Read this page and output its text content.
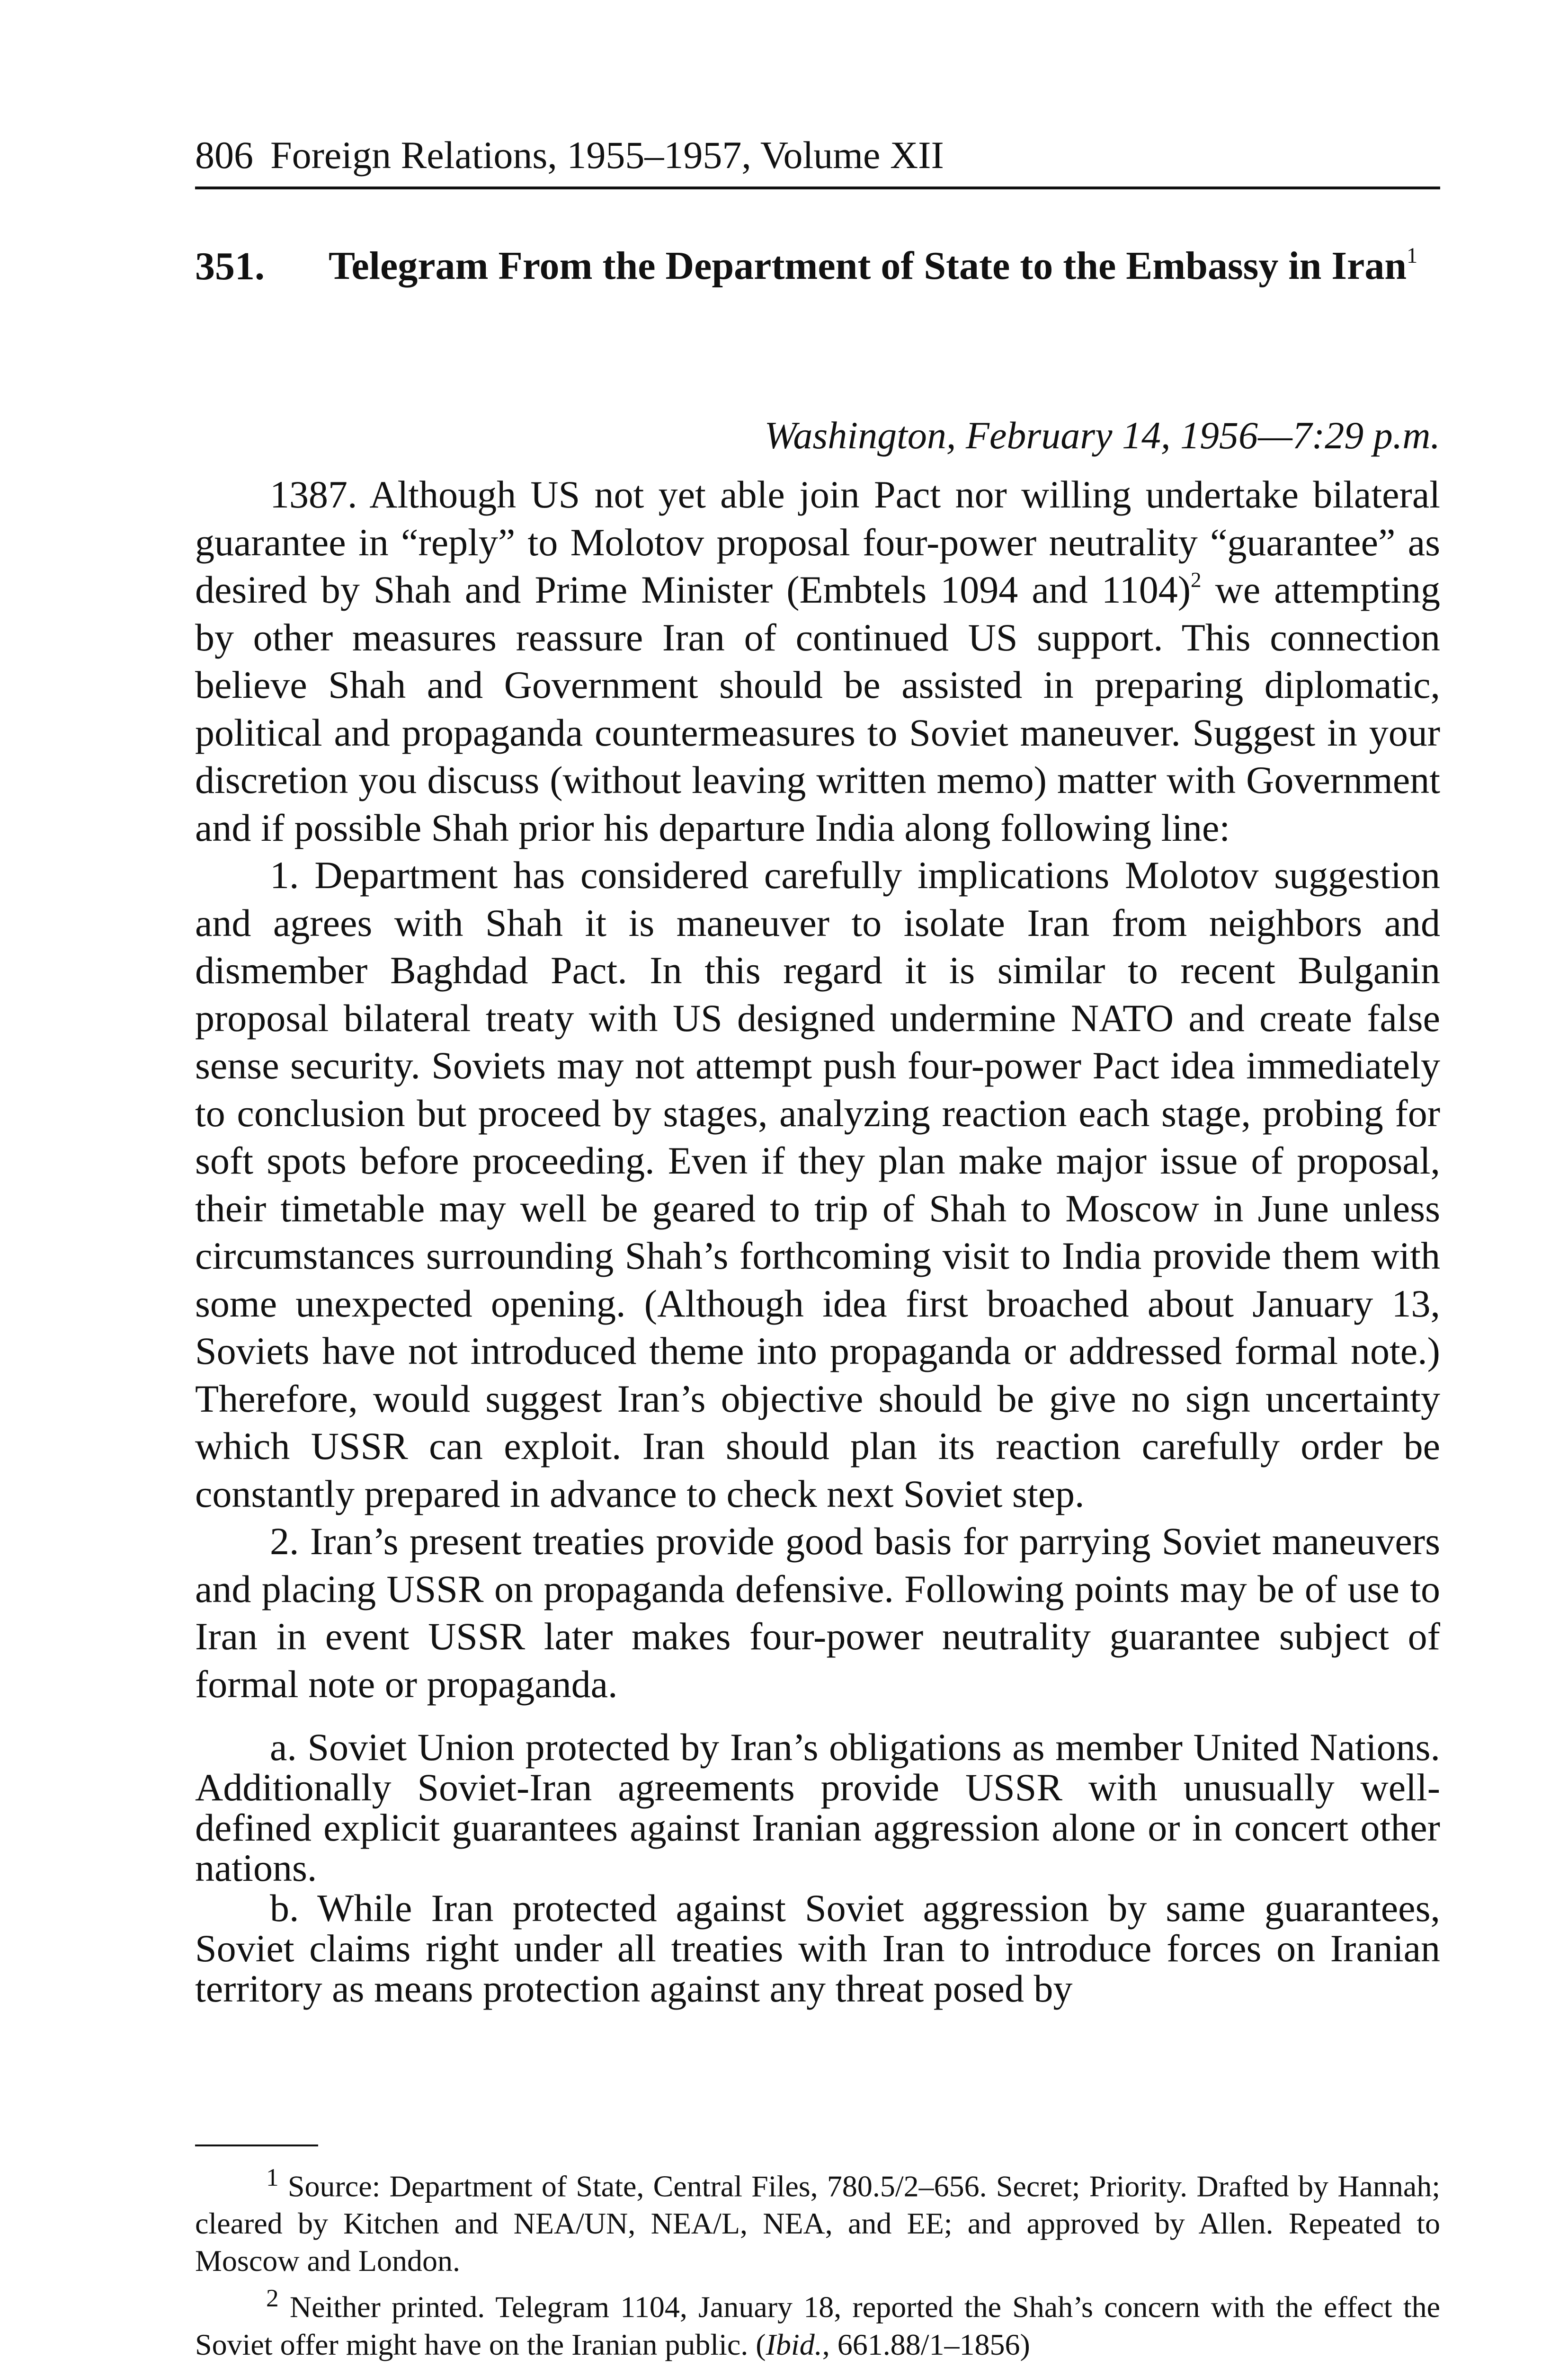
806 Foreign Relations, 1955–1957, Volume XII
351. Telegram From the Department of State to the Embassy in Iran$^1$
Washington, February 14, 1956—7:29 p.m.

1387. Although US not yet able join Pact nor willing undertake bilateral guarantee in “reply” to Molotov proposal four-power neutrality “guarantee” as desired by Shah and Prime Minister (Embtels 1094 and 1104)$^2$ we attempting by other measures reassure Iran of continued US support. This connection believe Shah and Government should be assisted in preparing diplomatic, political and propaganda countermeasures to Soviet maneuver. Suggest in your discretion you discuss (without leaving written memo) matter with Government and if possible Shah prior his departure India along following line:

1. Department has considered carefully implications Molotov suggestion and agrees with Shah it is maneuver to isolate Iran from neighbors and dismember Baghdad Pact. In this regard it is similar to recent Bulganin proposal bilateral treaty with US designed undermine NATO and create false sense security. Soviets may not attempt push four-power Pact idea immediately to conclusion but proceed by stages, analyzing reaction each stage, probing for soft spots before proceeding. Even if they plan make major issue of proposal, their timetable may well be geared to trip of Shah to Moscow in June unless circumstances surrounding Shah’s forthcoming visit to India provide them with some unexpected opening. (Although idea first broached about January 13, Soviets have not introduced theme into propaganda or addressed formal note.) Therefore, would suggest Iran’s objective should be give no sign uncertainty which USSR can exploit. Iran should plan its reaction carefully order be constantly prepared in advance to check next Soviet step.

2. Iran’s present treaties provide good basis for parrying Soviet maneuvers and placing USSR on propaganda defensive. Following points may be of use to Iran in event USSR later makes four-power neutrality guarantee subject of formal note or propaganda.

a. Soviet Union protected by Iran’s obligations as member United Nations. Additionally Soviet-Iran agreements provide USSR with unusually well-defined explicit guarantees against Iranian aggression alone or in concert other nations.

b. While Iran protected against Soviet aggression by same guarantees, Soviet claims right under all treaties with Iran to introduce forces on Iranian territory as means protection against any threat posed by

$^1$ Source: Department of State, Central Files, 780.5/2–656. Secret; Priority. Drafted by Hannah; cleared by Kitchen and NEA/UN, NEA/L, NEA, and EE; and approved by Allen. Repeated to Moscow and London.

$^2$ Neither printed. Telegram 1104, January 18, reported the Shah’s concern with the effect the Soviet offer might have on the Iranian public. (Ibid., 661.88/1–1856)
